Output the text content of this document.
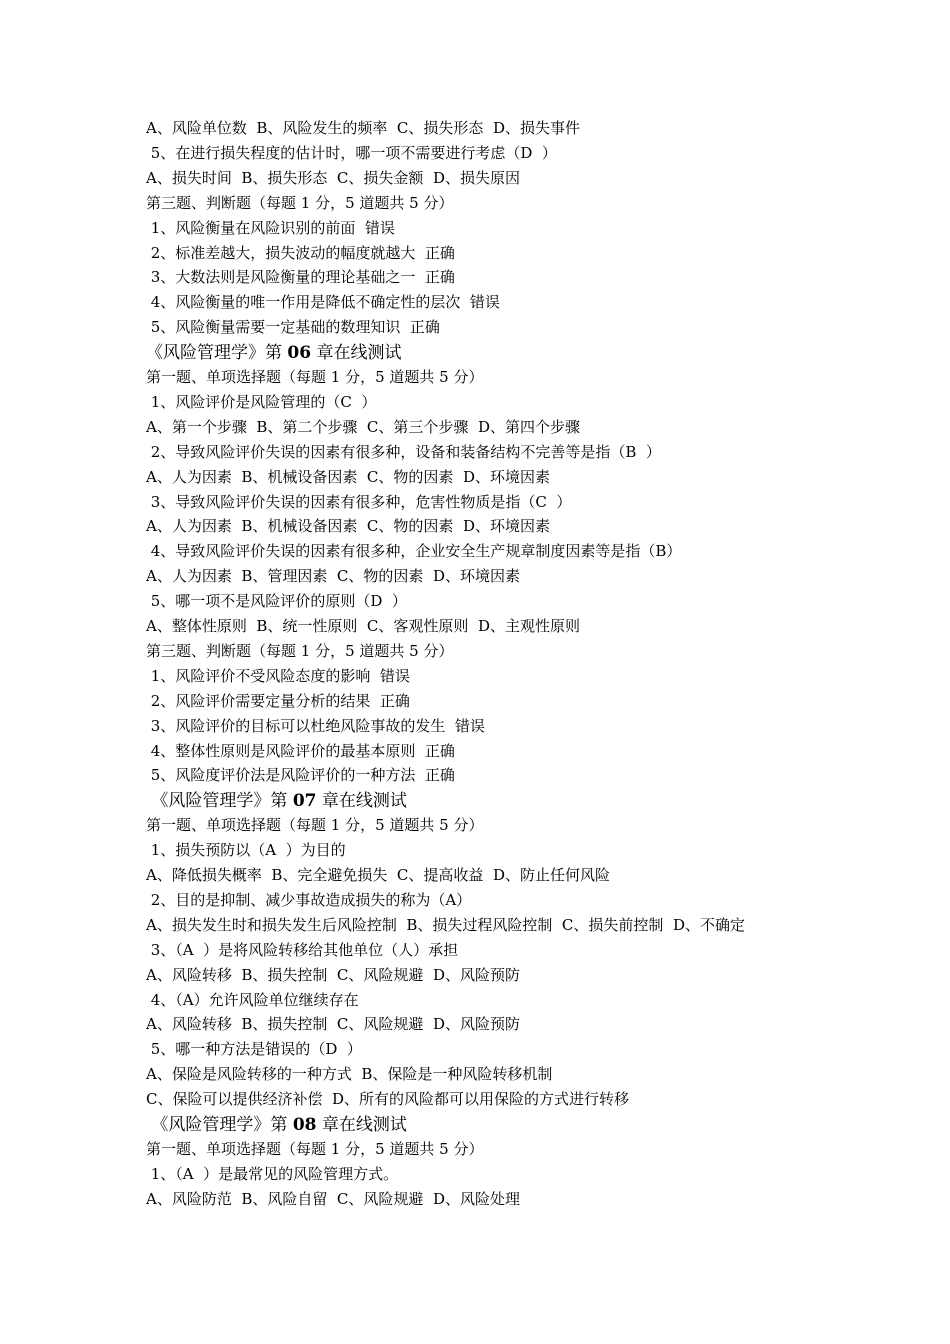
A、风险单位数  B、风险发生的频率  C、损失形态  D、损失事件
5、在进行损失程度的估计时，哪一项不需要进行考虑（D  ）
A、损失时间  B、损失形态  C、损失金额  D、损失原因
第三题、判断题（每题 1 分，5 道题共 5 分）
1、风险衡量在风险识别的前面  错误
2、标准差越大，损失波动的幅度就越大  正确
3、大数法则是风险衡量的理论基础之一  正确
4、风险衡量的唯一作用是降低不确定性的层次  错误
5、风险衡量需要一定基础的数理知识  正确
《风险管理学》第 06 章在线测试
第一题、单项选择题（每题 1 分，5 道题共 5 分）
1、风险评价是风险管理的（C  ）
A、第一个步骤  B、第二个步骤  C、第三个步骤  D、第四个步骤
2、导致风险评价失误的因素有很多种，设备和装备结构不完善等是指（B  ）
A、人为因素  B、机械设备因素  C、物的因素  D、环境因素
3、导致风险评价失误的因素有很多种，危害性物质是指（C  ）
A、人为因素  B、机械设备因素  C、物的因素  D、环境因素
4、导致风险评价失误的因素有很多种，企业安全生产规章制度因素等是指（B）
A、人为因素  B、管理因素  C、物的因素  D、环境因素
5、哪一项不是风险评价的原则（D  ）
A、整体性原则  B、统一性原则  C、客观性原则  D、主观性原则
第三题、判断题（每题 1 分，5 道题共 5 分）
1、风险评价不受风险态度的影响  错误
2、风险评价需要定量分析的结果  正确
3、风险评价的目标可以杜绝风险事故的发生  错误
4、整体性原则是风险评价的最基本原则  正确
5、风险度评价法是风险评价的一种方法  正确
《风险管理学》第 07 章在线测试
第一题、单项选择题（每题 1 分，5 道题共 5 分）
1、损失预防以（A  ）为目的
A、降低损失概率  B、完全避免损失  C、提高收益  D、防止任何风险
2、目的是抑制、减少事故造成损失的称为（A）
A、损失发生时和损失发生后风险控制  B、损失过程风险控制  C、损失前控制  D、不确定
3、（A  ）是将风险转移给其他单位（人）承担
A、风险转移  B、损失控制  C、风险规避  D、风险预防
4、（A）允许风险单位继续存在
A、风险转移  B、损失控制  C、风险规避  D、风险预防
5、哪一种方法是错误的（D  ）
A、保险是风险转移的一种方式  B、保险是一种风险转移机制
C、保险可以提供经济补偿  D、所有的风险都可以用保险的方式进行转移
《风险管理学》第 08 章在线测试
第一题、单项选择题（每题 1 分，5 道题共 5 分）
1、（A  ）是最常见的风险管理方式。
A、风险防范  B、风险自留  C、风险规避  D、风险处理
